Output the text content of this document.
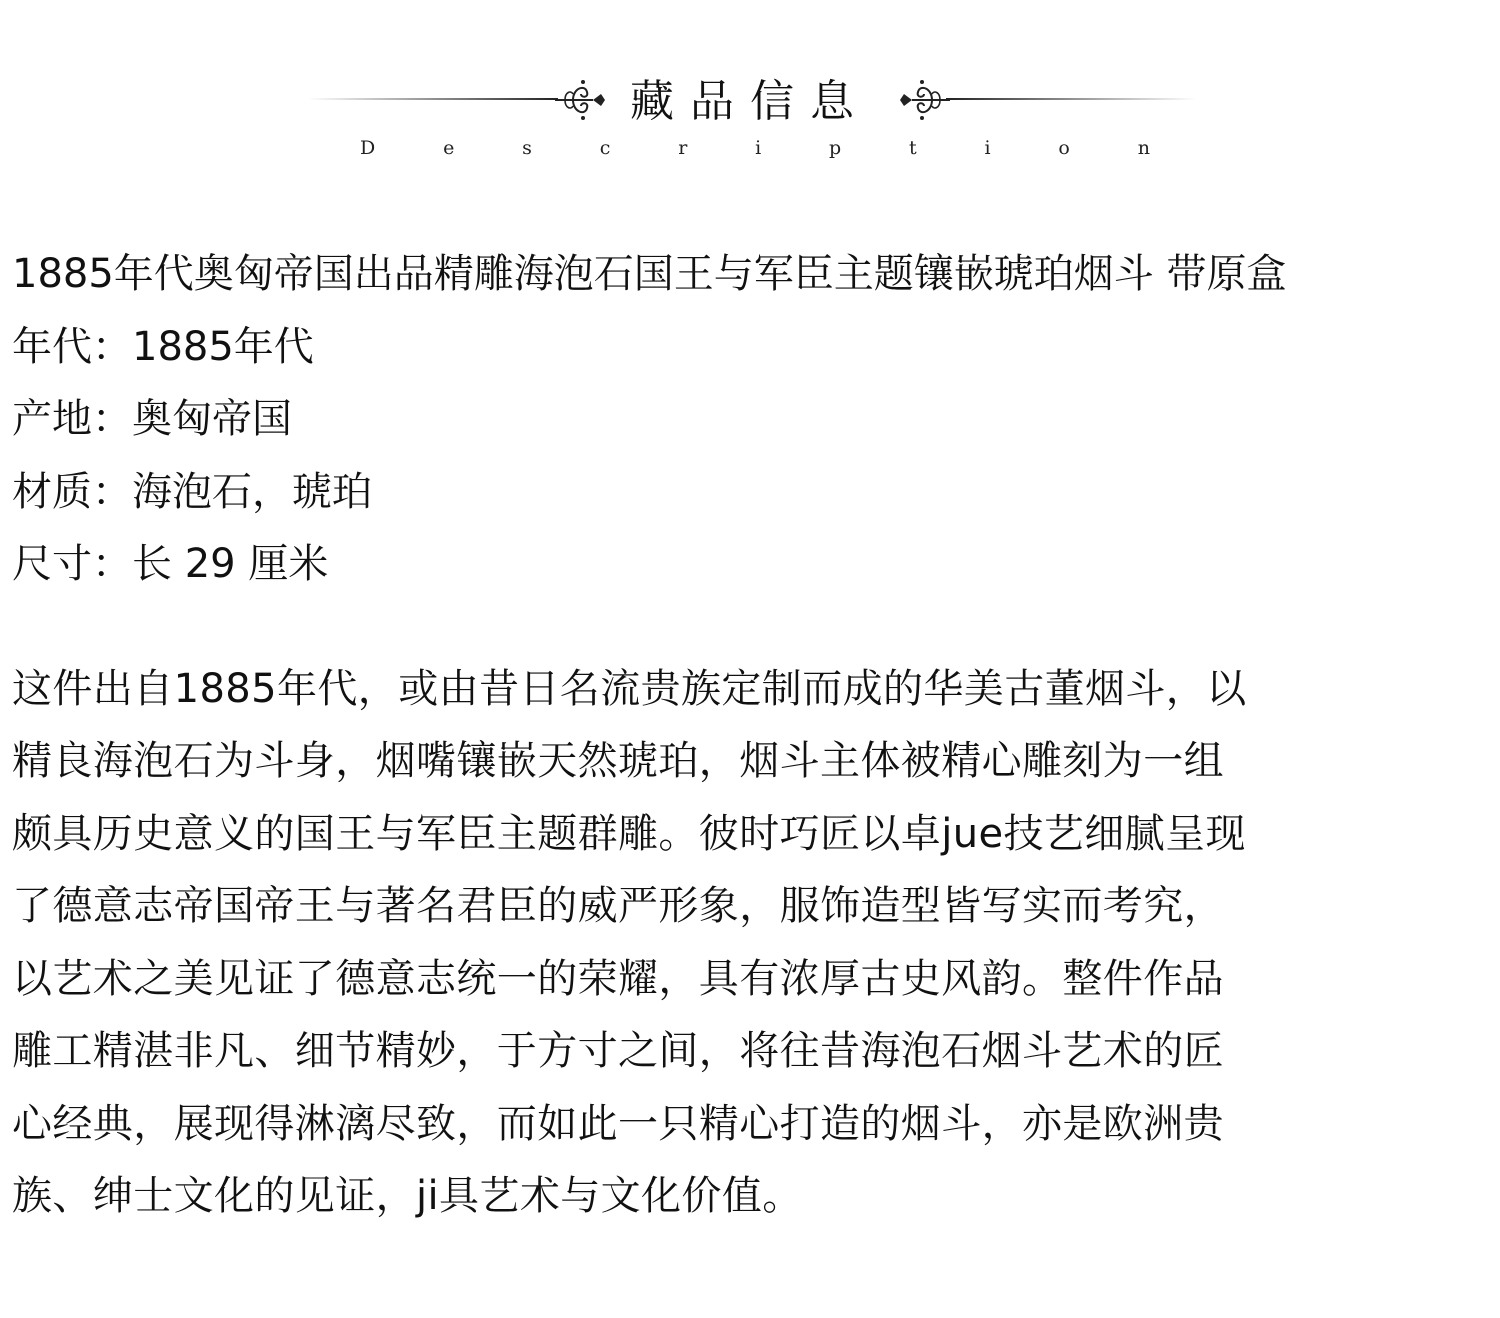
藏品信息
D	e	s	c	r	i	p	t	i	o	n
1885年代奥匈帝国出品精雕海泡石国王与军臣主题镶嵌琥珀烟斗 带原盒
年代：1885年代
产地：奥匈帝国
材质：海泡石，琥珀
尺寸：长 29 厘米
这件出自1885年代，或由昔日名流贵族定制而成的华美古董烟斗，以
精良海泡石为斗身，烟嘴镶嵌天然琥珀，烟斗主体被精心雕刻为一组
颇具历史意义的国王与军臣主题群雕。彼时巧匠以卓jue技艺细腻呈现
了德意志帝国帝王与著名君臣的威严形象，服饰造型皆写实而考究，
以艺术之美见证了德意志统一的荣耀，具有浓厚古史风韵。整件作品
雕工精湛非凡、细节精妙，于方寸之间，将往昔海泡石烟斗艺术的匠
心经典，展现得淋漓尽致，而如此一只精心打造的烟斗，亦是欧洲贵
族、绅士文化的见证，ji具艺术与文化价值。
